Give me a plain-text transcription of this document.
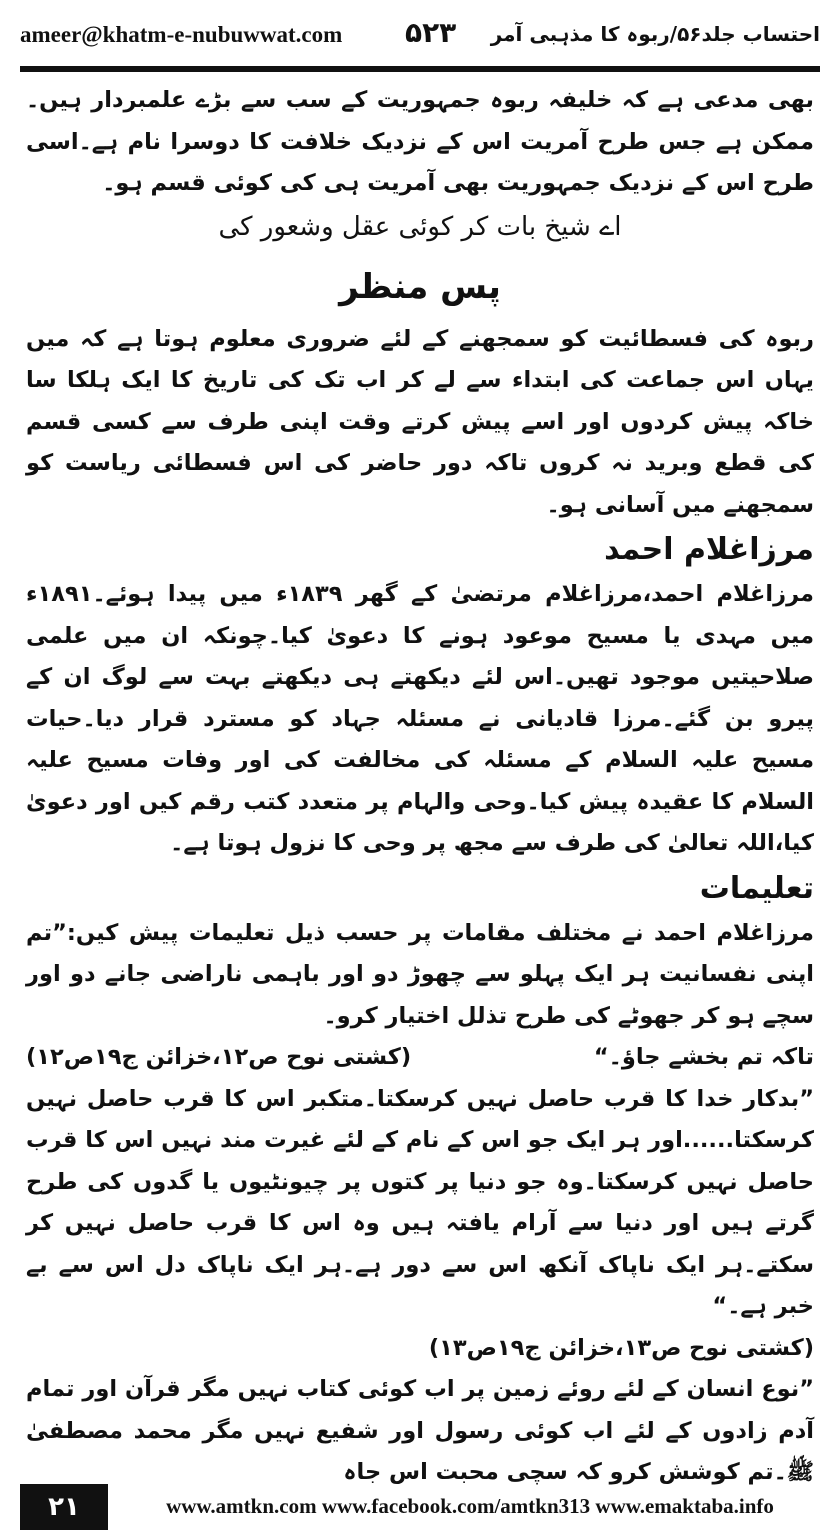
ameer@khatm-e-nubuwwat.com ۵۲۳ احتساب جلد۵۶/ربوہ کا مذہبی آمر

بھی مدعی ہے کہ خلیفہ ربوہ جمہوریت کے سب سے بڑے علمبردار ہیں۔ممکن ہے جس طرح آمریت اس کے نزدیک خلافت کا دوسرا نام ہے۔اسی طرح اس کے نزدیک جمہوریت بھی آمریت ہی کی کوئی قسم ہو۔

اے شیخ بات کر کوئی عقل وشعور کی

پس منظر

ربوہ کی فسطائیت کو سمجھنے کے لئے ضروری معلوم ہوتا ہے کہ میں یہاں اس جماعت کی ابتداء سے لے کر اب تک کی تاریخ کا ایک ہلکا سا خاکہ پیش کردوں اور اسے پیش کرتے وقت اپنی طرف سے کسی قسم کی قطع وبرید نہ کروں تاکہ دور حاضر کی اس فسطائی ریاست کو سمجھنے میں آسانی ہو۔

مرزاغلام احمد

مرزاغلام احمد،مرزاغلام مرتضیٰ کے گھر ۱۸۳۹ء میں پیدا ہوئے۔۱۸۹۱ء میں مہدی یا مسیح موعود ہونے کا دعویٰ کیا۔چونکہ ان میں علمی صلاحیتیں موجود تھیں۔اس لئے دیکھتے ہی دیکھتے بہت سے لوگ ان کے پیرو بن گئے۔مرزا قادیانی نے مسئلہ جہاد کو مسترد قرار دیا۔حیات مسیح علیہ السلام کے مسئلہ کی مخالفت کی اور وفات مسیح علیہ السلام کا عقیدہ پیش کیا۔وحی والہام پر متعدد کتب رقم کیں اور دعویٰ کیا،اللہ تعالیٰ کی طرف سے مجھ پر وحی کا نزول ہوتا ہے۔

تعلیمات

مرزاغلام احمد نے مختلف مقامات پر حسب ذیل تعلیمات پیش کیں:”تم اپنی نفسانیت ہر ایک پہلو سے چھوڑ دو اور باہمی ناراضی جانے دو اور سچے ہو کر جھوٹے کی طرح تذلل اختیار کرو۔

تاکہ تم بخشے جاؤ۔“
(کشتی نوح ص۱۲،خزائن ج۱۹ص۱۲)

”بدکار خدا کا قرب حاصل نہیں کرسکتا۔متکبر اس کا قرب حاصل نہیں کرسکتا......اور ہر ایک جو اس کے نام کے لئے غیرت مند نہیں اس کا قرب حاصل نہیں کرسکتا۔وہ جو دنیا پر کتوں پر چیونٹیوں یا گدوں کی طرح گرتے ہیں اور دنیا سے آرام یافتہ ہیں وہ اس کا قرب حاصل نہیں کر سکتے۔ہر ایک ناپاک آنکھ اس سے دور ہے۔ہر ایک ناپاک دل اس سے بے خبر ہے۔“

(کشتی نوح ص۱۳،خزائن ج۱۹ص۱۳)

”نوع انسان کے لئے روئے زمین پر اب کوئی کتاب نہیں مگر قرآن اور تمام آدم زادوں کے لئے اب کوئی رسول اور شفیع نہیں مگر محمد مصطفیٰ ﷺ۔تم کوشش کرو کہ سچی محبت اس جاہ

۲۱	www.amtkn.com www.facebook.com/amtkn313 www.emaktaba.info
